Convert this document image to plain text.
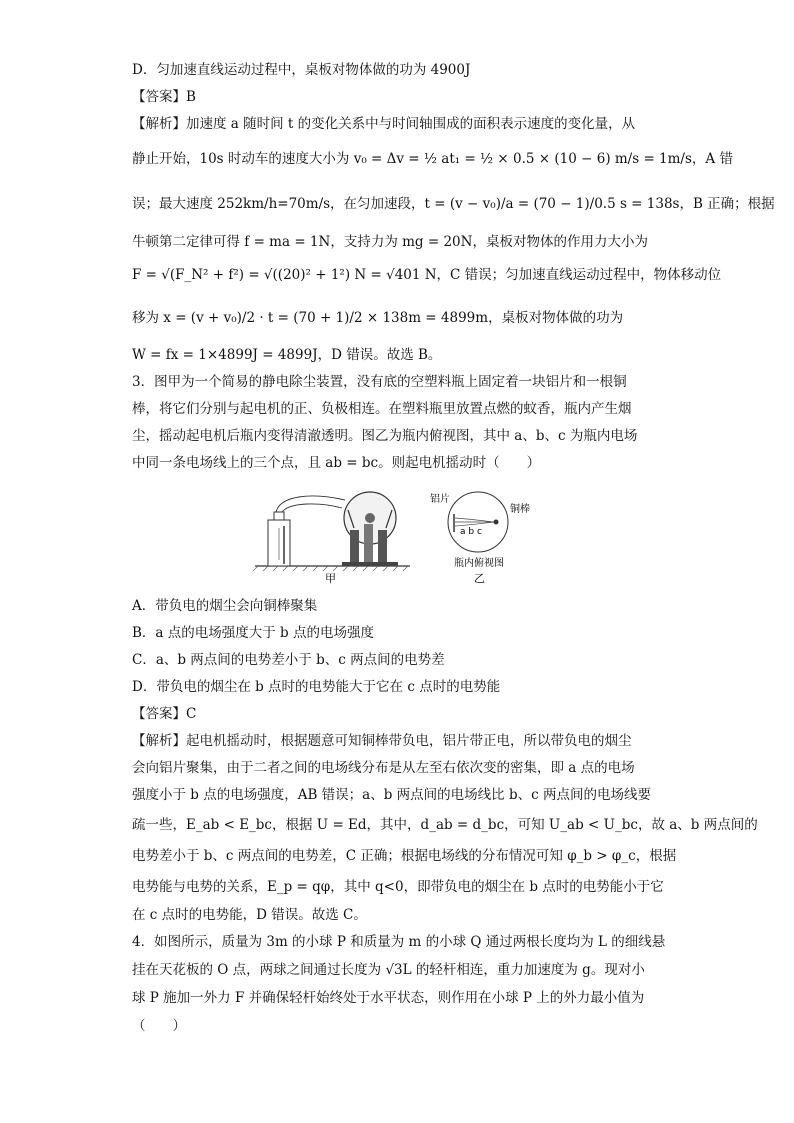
D．匀加速直线运动过程中，桌板对物体做的功为 4900J
【答案】B
【解析】加速度 a 随时间 t 的变化关系中与时间轴围成的面积表示速度的变化量，从
静止开始，10s 时动车的速度大小为 v₀ = Δv = ½ at₁ = ½ × 0.5 × (10 − 6) m/s = 1m/s，A 错
误；最大速度 252km/h=70m/s，在匀加速段，t = (v − v₀)/a = (70 − 1)/0.5 s = 138s，B 正确；根据
牛顿第二定律可得 f = ma = 1N，支持力为 mg = 20N，桌板对物体的作用力大小为
F = √(F_N² + f²) = √((20)² + 1²) N = √401 N，C 错误；匀加速直线运动过程中，物体移动位
移为 x = (v + v₀)/2 · t = (70 + 1)/2 × 138m = 4899m，桌板对物体做的功为
W = fx = 1×4899J = 4899J，D 错误。故选 B。
3．图甲为一个简易的静电除尘装置，没有底的空塑料瓶上固定着一块铝片和一根铜
棒，将它们分别与起电机的正、负极相连。在塑料瓶里放置点燃的蚊香，瓶内产生烟
尘，摇动起电机后瓶内变得清澈透明。图乙为瓶内俯视图，其中 a、b、c 为瓶内电场
中同一条电场线上的三个点，且 ab = bc。则起电机摇动时（　　）
甲
a b c
铝片
铜棒
瓶内俯视图
乙
A．带负电的烟尘会向铜棒聚集
B．a 点的电场强度大于 b 点的电场强度
C．a、b 两点间的电势差小于 b、c 两点间的电势差
D．带负电的烟尘在 b 点时的电势能大于它在 c 点时的电势能
【答案】C
【解析】起电机摇动时，根据题意可知铜棒带负电，铝片带正电，所以带负电的烟尘
会向铝片聚集，由于二者之间的电场线分布是从左至右依次变的密集，即 a 点的电场
强度小于 b 点的电场强度，AB 错误；a、b 两点间的电场线比 b、c 两点间的电场线要
疏一些，E_ab < E_bc，根据 U = Ed，其中，d_ab = d_bc，可知 U_ab < U_bc，故 a、b 两点间的
电势差小于 b、c 两点间的电势差，C 正确；根据电场线的分布情况可知 φ_b > φ_c，根据
电势能与电势的关系，E_p = qφ，其中 q<0，即带负电的烟尘在 b 点时的电势能小于它
在 c 点时的电势能，D 错误。故选 C。
4．如图所示，质量为 3m 的小球 P 和质量为 m 的小球 Q 通过两根长度均为 L 的细线悬
挂在天花板的 O 点，两球之间通过长度为 √3L 的轻杆相连，重力加速度为 g。现对小
球 P 施加一外力 F 并确保轻杆始终处于水平状态，则作用在小球 P 上的外力最小值为
（　　）
